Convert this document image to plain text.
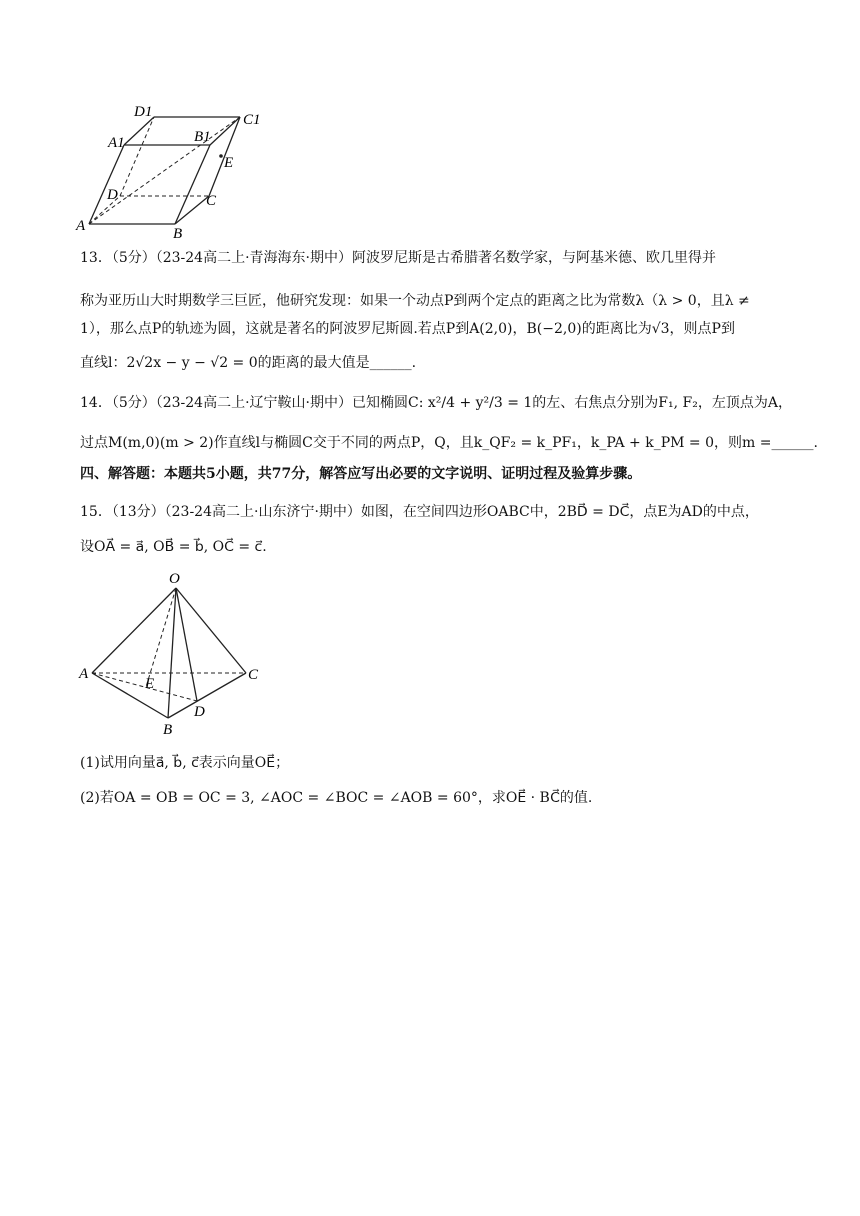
D1	C1
A1	B1
E
D	C
A	B
13．（5分）（23-24高二上·青海海东·期中）阿波罗尼斯是古希腊著名数学家，与阿基米德、欧几里得并
称为亚历山大时期数学三巨匠，他研究发现：如果一个动点P到两个定点的距离之比为常数λ（λ > 0，且λ ≠
1），那么点P的轨迹为圆，这就是著名的阿波罗尼斯圆.若点P到A(2,0)，B(−2,0)的距离比为√3，则点P到
直线l：2√2x − y − √2 = 0的距离的最大值是______.
14．（5分）（23-24高二上·辽宁鞍山·期中）已知椭圆C: x²/4 + y²/3 = 1的左、右焦点分别为F₁, F₂，左顶点为A，
过点M(m,0)(m > 2)作直线l与椭圆C交于不同的两点P，Q，且k_QF₂ = k_PF₁，k_PA + k_PM = 0，则m =______.
四、解答题：本题共5小题，共77分，解答应写出必要的文字说明、证明过程及验算步骤。
15．（13分）（23-24高二上·山东济宁·期中）如图，在空间四边形OABC中，2BD⃗ = DC⃗，点E为AD的中点，
设OA⃗ = a⃗, OB⃗ = b⃗, OC⃗ = c⃗.
O
A	C
E
D
B
(1)试用向量a⃗, b⃗, c⃗表示向量OE⃗；
(2)若OA = OB = OC = 3, ∠AOC = ∠BOC = ∠AOB = 60°，求OE⃗ · BC⃗的值.
